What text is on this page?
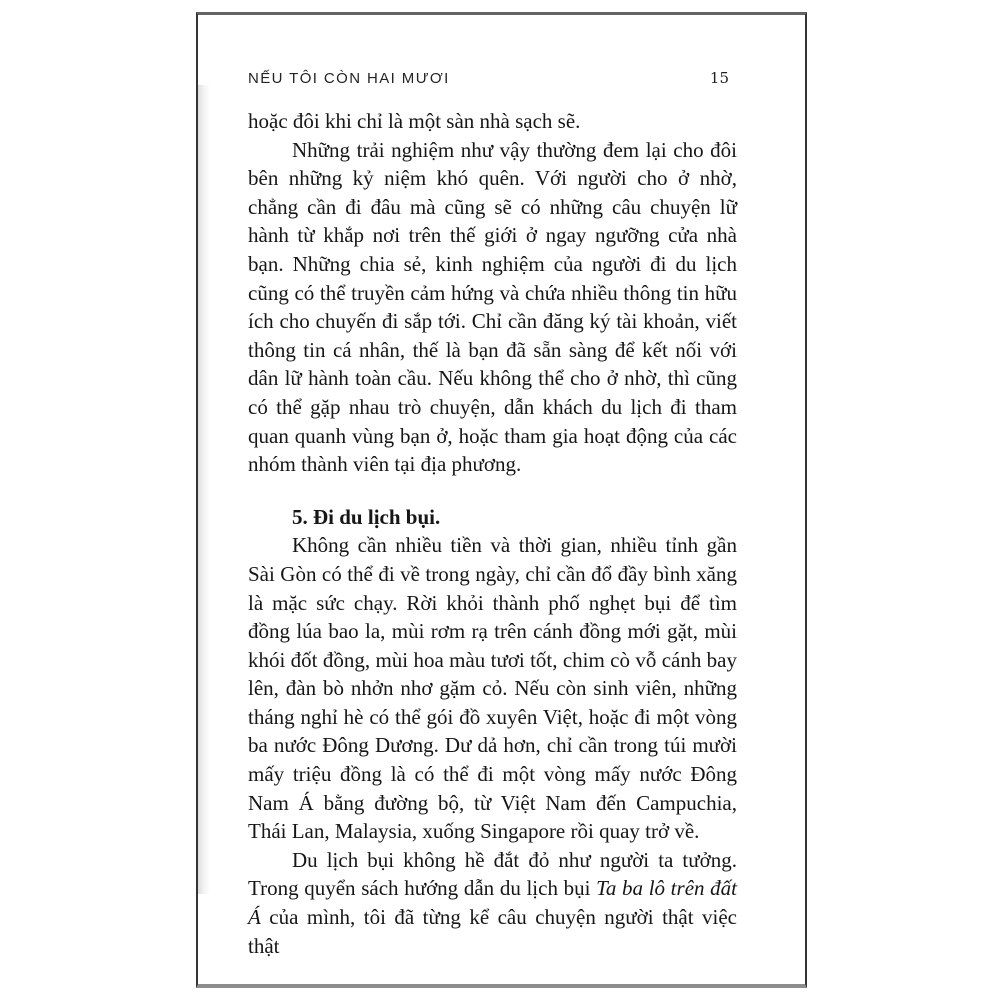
NẾU TÔI CÒN HAI MƯƠI	15

hoặc đôi khi chỉ là một sàn nhà sạch sẽ.

Những trải nghiệm như vậy thường đem lại cho đôi bên những kỷ niệm khó quên. Với người cho ở nhờ, chẳng cần đi đâu mà cũng sẽ có những câu chuyện lữ hành từ khắp nơi trên thế giới ở ngay ngưỡng cửa nhà bạn. Những chia sẻ, kinh nghiệm của người đi du lịch cũng có thể truyền cảm hứng và chứa nhiều thông tin hữu ích cho chuyến đi sắp tới. Chỉ cần đăng ký tài khoản, viết thông tin cá nhân, thế là bạn đã sẵn sàng để kết nối với dân lữ hành toàn cầu. Nếu không thể cho ở nhờ, thì cũng có thể gặp nhau trò chuyện, dẫn khách du lịch đi tham quan quanh vùng bạn ở, hoặc tham gia hoạt động của các nhóm thành viên tại địa phương.

5. Đi du lịch bụi.

Không cần nhiều tiền và thời gian, nhiều tỉnh gần Sài Gòn có thể đi về trong ngày, chỉ cần đổ đầy bình xăng là mặc sức chạy. Rời khỏi thành phố nghẹt bụi để tìm đồng lúa bao la, mùi rơm rạ trên cánh đồng mới gặt, mùi khói đốt đồng, mùi hoa màu tươi tốt, chim cò vỗ cánh bay lên, đàn bò nhởn nhơ gặm cỏ. Nếu còn sinh viên, những tháng nghỉ hè có thể gói đồ xuyên Việt, hoặc đi một vòng ba nước Đông Dương. Dư dả hơn, chỉ cần trong túi mười mấy triệu đồng là có thể đi một vòng mấy nước Đông Nam Á bằng đường bộ, từ Việt Nam đến Campuchia, Thái Lan, Malaysia, xuống Singapore rồi quay trở về.

Du lịch bụi không hề đắt đỏ như người ta tưởng. Trong quyển sách hướng dẫn du lịch bụi Ta ba lô trên đất Á của mình, tôi đã từng kể câu chuyện người thật việc thật
